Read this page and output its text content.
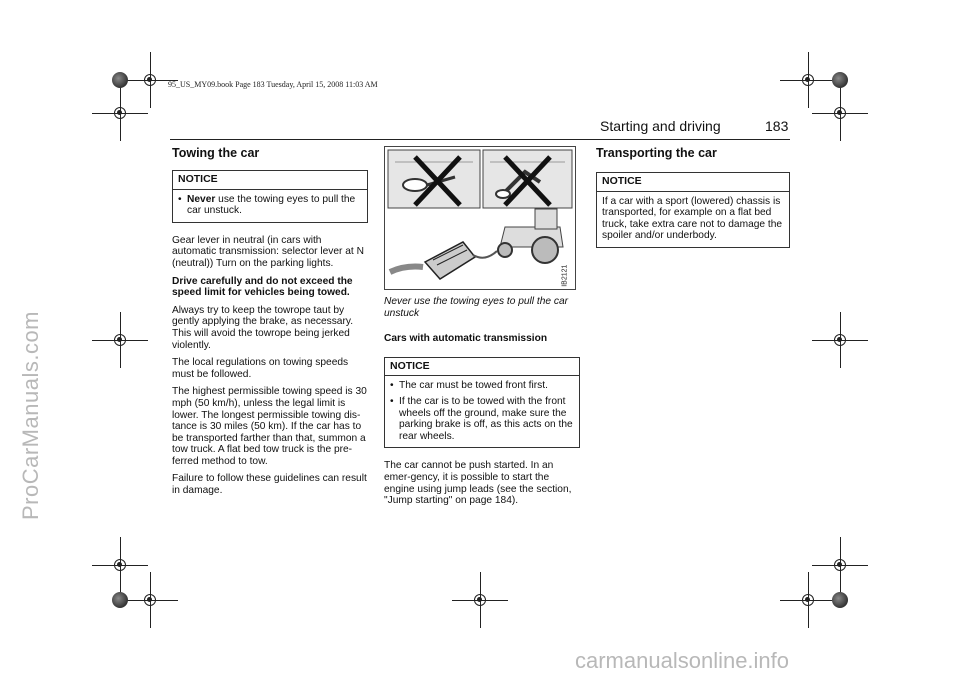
95_US_MY09.book Page 183 Tuesday, April 15, 2008 11:03 AM
ProCarManuals.com
carmanualsonline.info
Starting and driving	183
Towing the car
NOTICE
• Never use the towing eyes to pull the car unstuck.

Gear lever in neutral (in cars with automatic transmission: selector lever at N (neutral)) Turn on the parking lights.

Drive carefully and do not exceed the speed limit for vehicles being towed.

Always try to keep the towrope taut by gently applying the brake, as necessary. This will avoid the towrope being jerked violently.

The local regulations on towing speeds must be followed.

The highest permissible towing speed is 30 mph (50 km/h), unless the legal limit is lower. The longest permissible towing dis-tance is 30 miles (50 km). If the car has to be transported farther than that, summon a tow truck. A flat bed tow truck is the pre-ferred method to tow.

Failure to follow these guidelines can result in damage.

IB2121

Never use the towing eyes to pull the car unstuck

Cars with automatic transmission

NOTICE
• The car must be towed front first.
• If the car is to be towed with the front wheels off the ground, make sure the parking brake is off, as this acts on the rear wheels.

The car cannot be push started. In an emer-gency, it is possible to start the engine using jump leads (see the section, "Jump starting" on page 184).

Transporting the car
NOTICE
If a car with a sport (lowered) chassis is transported, for example on a flat bed truck, take extra care not to damage the spoiler and/or underbody.
